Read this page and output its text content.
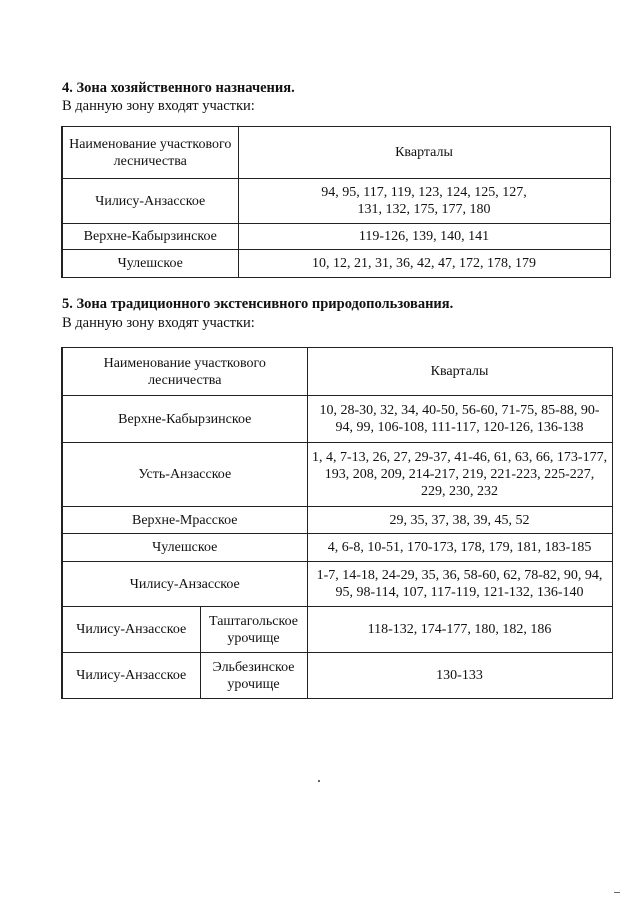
4. Зона хозяйственного назначения.
В данную зону входят участки:
Наименование участкового лесничества	Кварталы
Чилису-Анзасское	94, 95, 117, 119, 123, 124, 125, 127, 131, 132, 175, 177, 180
Верхне-Кабырзинское	119-126, 139, 140, 141
Чулешское	10, 12, 21, 31, 36, 42, 47, 172, 178, 179
5. Зона традиционного экстенсивного природопользования.
В данную зону входят участки:
Наименование участкового лесничества		Кварталы
Верхне-Кабырзинское		10, 28-30, 32, 34, 40-50, 56-60, 71-75, 85-88, 90-94, 99, 106-108, 111-117, 120-126, 136-138
Усть-Анзасское		1, 4, 7-13, 26, 27, 29-37, 41-46, 61, 63, 66, 173-177, 193, 208, 209, 214-217, 219, 221-223, 225-227, 229, 230, 232
Верхне-Мрасское		29, 35, 37, 38, 39, 45, 52
Чулешское		4, 6-8, 10-51, 170-173, 178, 179, 181, 183-185
Чилису-Анзасское		1-7, 14-18, 24-29, 35, 36, 58-60, 62, 78-82, 90, 94, 95, 98-114, 107, 117-119, 121-132, 136-140
Чилису-Анзасское	Таштагольское урочище	118-132, 174-177, 180, 182, 186
Чилису-Анзасское	Эльбезинское урочище	130-133
